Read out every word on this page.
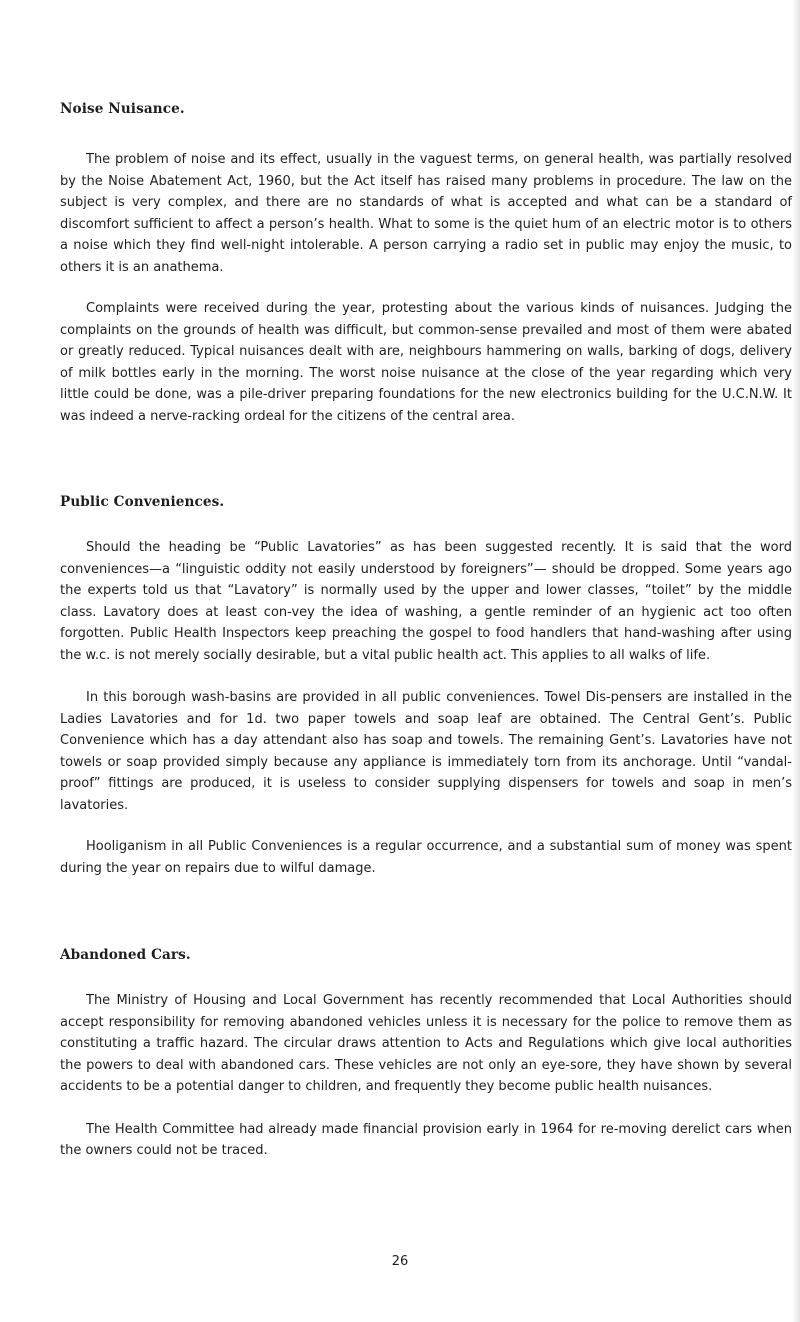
Noise Nuisance.

The problem of noise and its effect, usually in the vaguest terms, on general health, was partially resolved by the Noise Abatement Act, 1960, but the Act itself has raised many problems in procedure. The law on the subject is very complex, and there are no standards of what is accepted and what can be a standard of discomfort sufficient to affect a person’s health. What to some is the quiet hum of an electric motor is to others a noise which they find well-night intolerable. A person carrying a radio set in public may enjoy the music, to others it is an anathema.

Complaints were received during the year, protesting about the various kinds of nuisances. Judging the complaints on the grounds of health was difficult, but common-sense prevailed and most of them were abated or greatly reduced. Typical nuisances dealt with are, neighbours hammering on walls, barking of dogs, delivery of milk bottles early in the morning. The worst noise nuisance at the close of the year regarding which very little could be done, was a pile-driver preparing foundations for the new electronics building for the U.C.N.W. It was indeed a nerve-racking ordeal for the citizens of the central area.

Public Conveniences.

Should the heading be “Public Lavatories” as has been suggested recently. It is said that the word conveniences—a “linguistic oddity not easily understood by foreigners”— should be dropped. Some years ago the experts told us that “Lavatory” is normally used by the upper and lower classes, “toilet” by the middle class. Lavatory does at least con-vey the idea of washing, a gentle reminder of an hygienic act too often forgotten. Public Health Inspectors keep preaching the gospel to food handlers that hand-washing after using the w.c. is not merely socially desirable, but a vital public health act. This applies to all walks of life.

In this borough wash-basins are provided in all public conveniences. Towel Dis-pensers are installed in the Ladies Lavatories and for 1d. two paper towels and soap leaf are obtained. The Central Gent’s. Public Convenience which has a day attendant also has soap and towels. The remaining Gent’s. Lavatories have not towels or soap provided simply because any appliance is immediately torn from its anchorage. Until “vandal-proof” fittings are produced, it is useless to consider supplying dispensers for towels and soap in men’s lavatories.

Hooliganism in all Public Conveniences is a regular occurrence, and a substantial sum of money was spent during the year on repairs due to wilful damage.

Abandoned Cars.

The Ministry of Housing and Local Government has recently recommended that Local Authorities should accept responsibility for removing abandoned vehicles unless it is necessary for the police to remove them as constituting a traffic hazard. The circular draws attention to Acts and Regulations which give local authorities the powers to deal with abandoned cars. These vehicles are not only an eye-sore, they have shown by several accidents to be a potential danger to children, and frequently they become public health nuisances.

The Health Committee had already made financial provision early in 1964 for re-moving derelict cars when the owners could not be traced.

26
